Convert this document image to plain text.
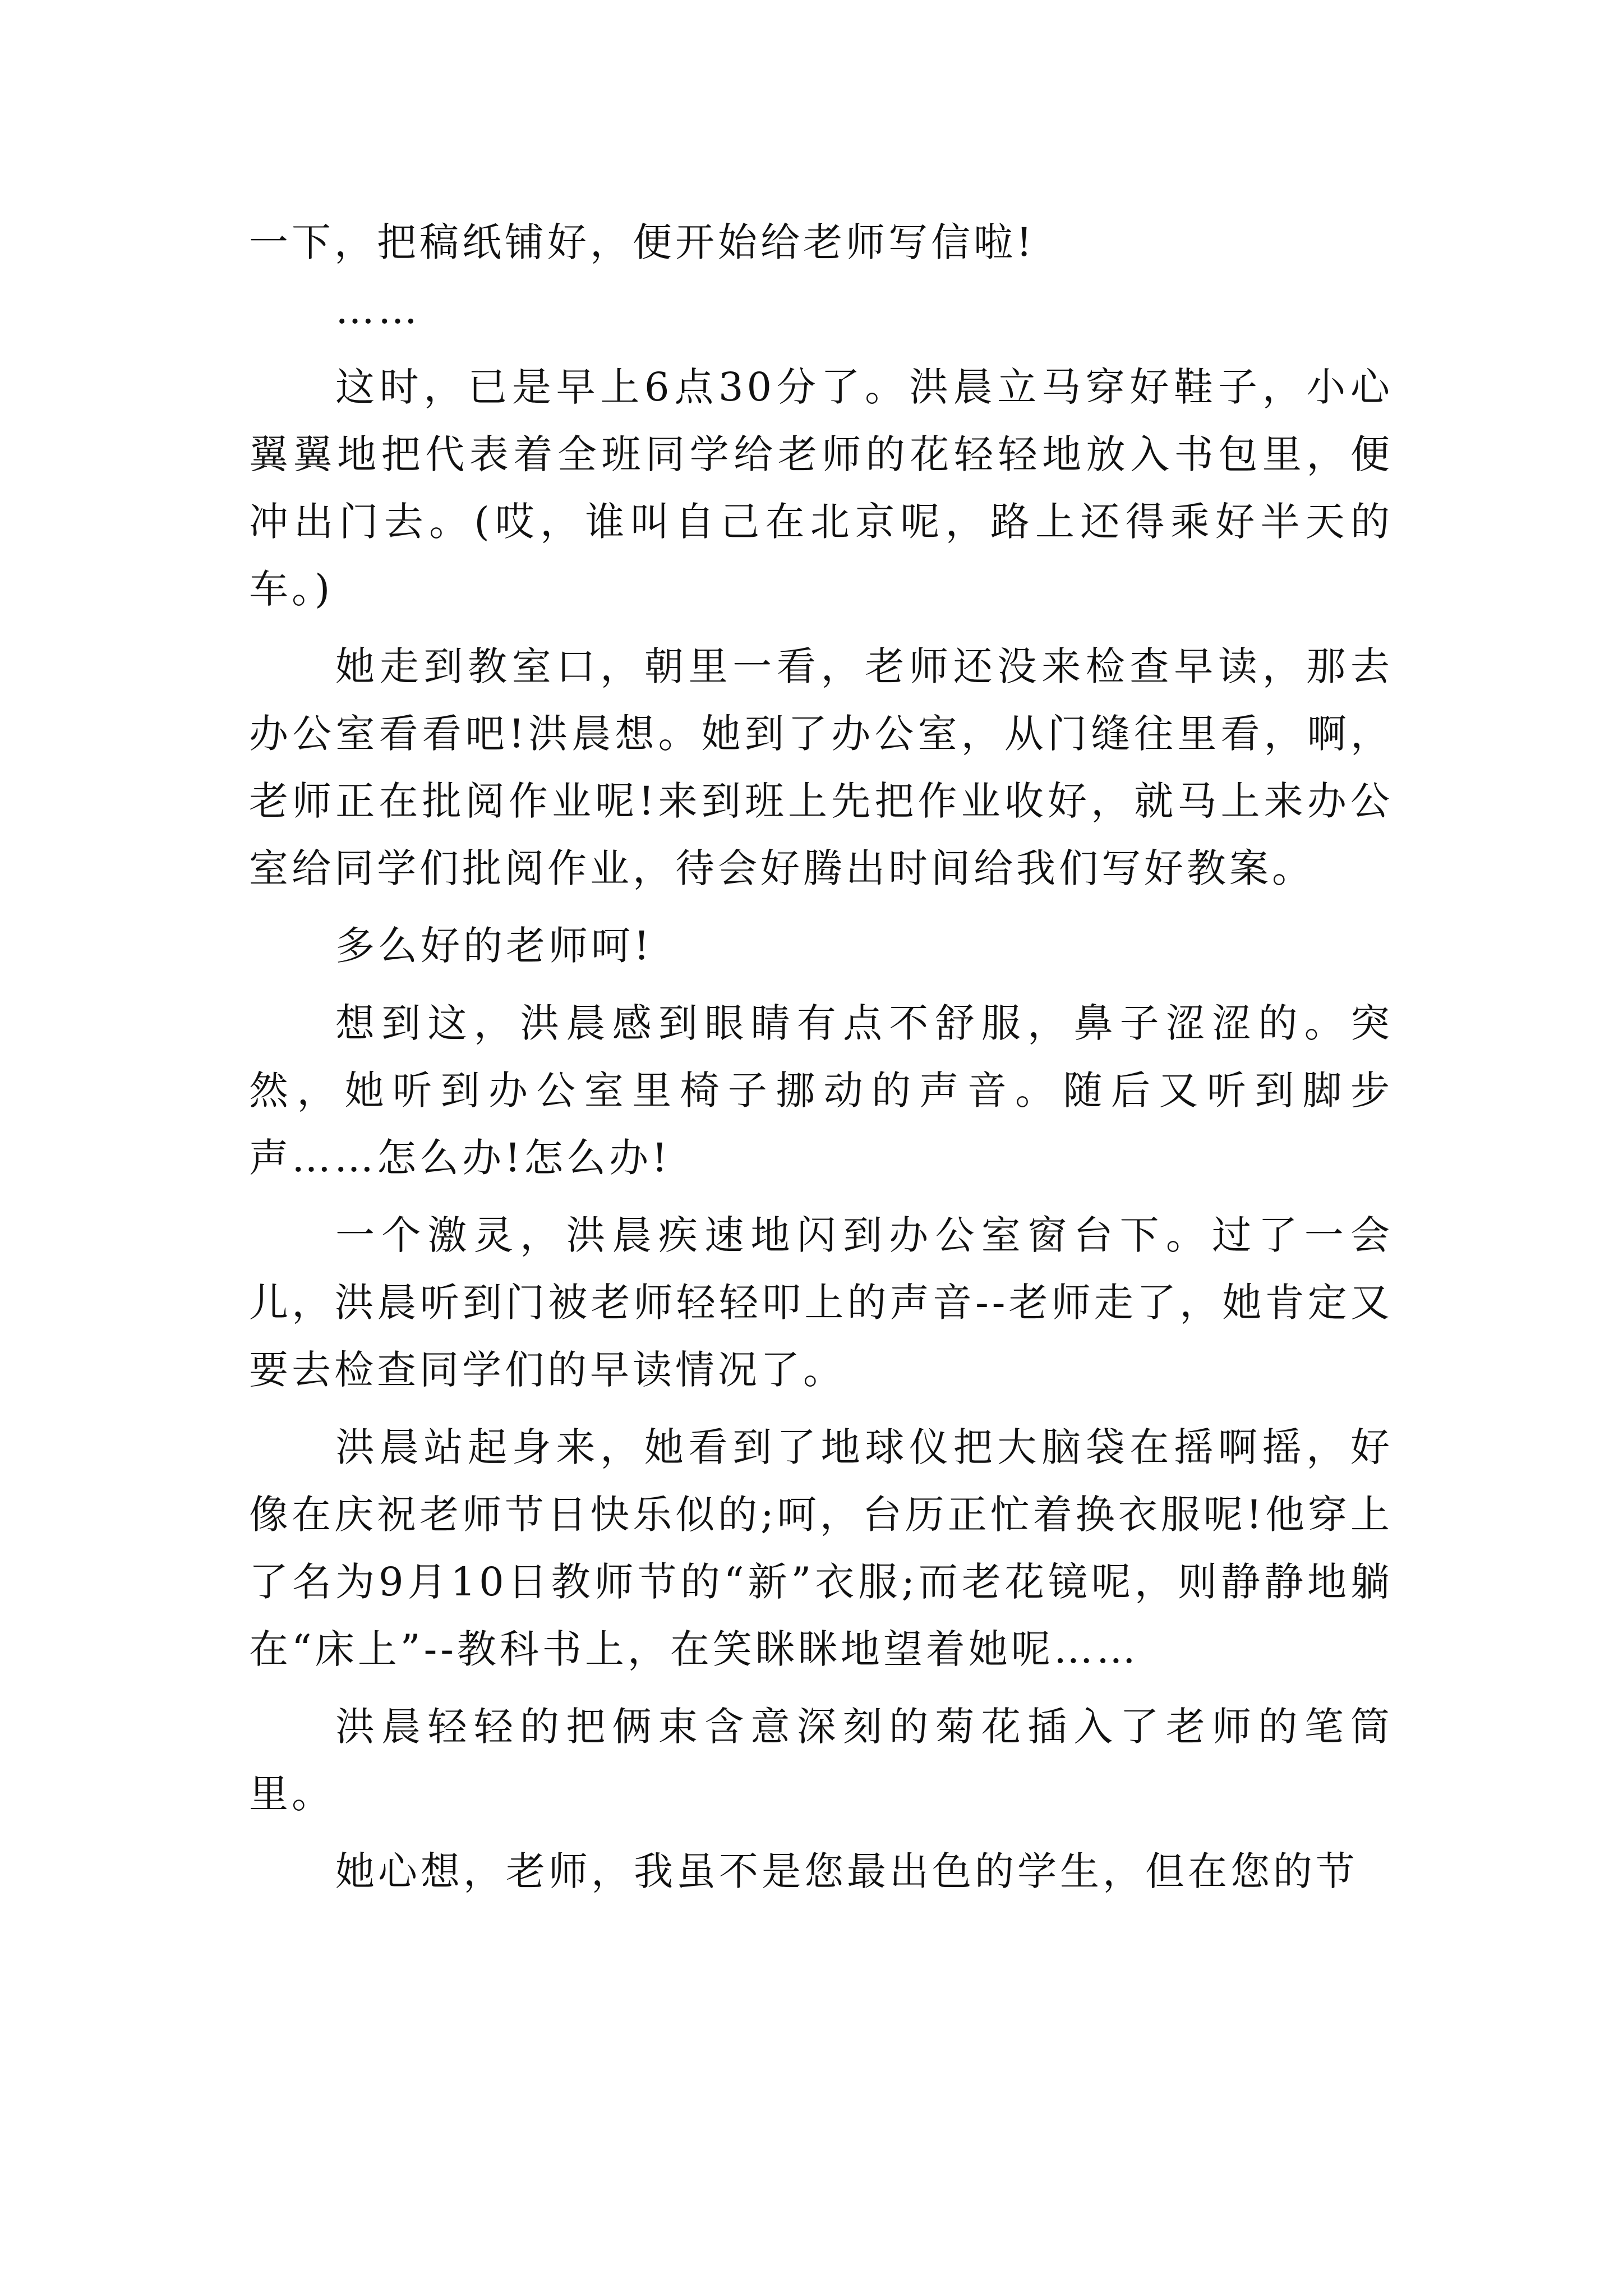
一下，把稿纸铺好，便开始给老师写信啦!

……

这时，已是早上6点30分了。洪晨立马穿好鞋子，小心翼翼地把代表着全班同学给老师的花轻轻地放入书包里，便冲出门去。(哎，谁叫自己在北京呢，路上还得乘好半天的车。)

她走到教室口，朝里一看，老师还没来检查早读，那去办公室看看吧!洪晨想。她到了办公室，从门缝往里看，啊，老师正在批阅作业呢!来到班上先把作业收好，就马上来办公室给同学们批阅作业，待会好腾出时间给我们写好教案。

多么好的老师呵!

想到这，洪晨感到眼睛有点不舒服，鼻子涩涩的。突然，她听到办公室里椅子挪动的声音。随后又听到脚步声……怎么办!怎么办!

一个激灵，洪晨疾速地闪到办公室窗台下。过了一会儿，洪晨听到门被老师轻轻叩上的声音--老师走了，她肯定又要去检查同学们的早读情况了。

洪晨站起身来，她看到了地球仪把大脑袋在摇啊摇，好像在庆祝老师节日快乐似的;呵，台历正忙着换衣服呢!他穿上了名为9月10日教师节的“新”衣服;而老花镜呢，则静静地躺在“床上”--教科书上，在笑眯眯地望着她呢……

洪晨轻轻的把俩束含意深刻的菊花插入了老师的笔筒里。

她心想，老师，我虽不是您最出色的学生，但在您的节
